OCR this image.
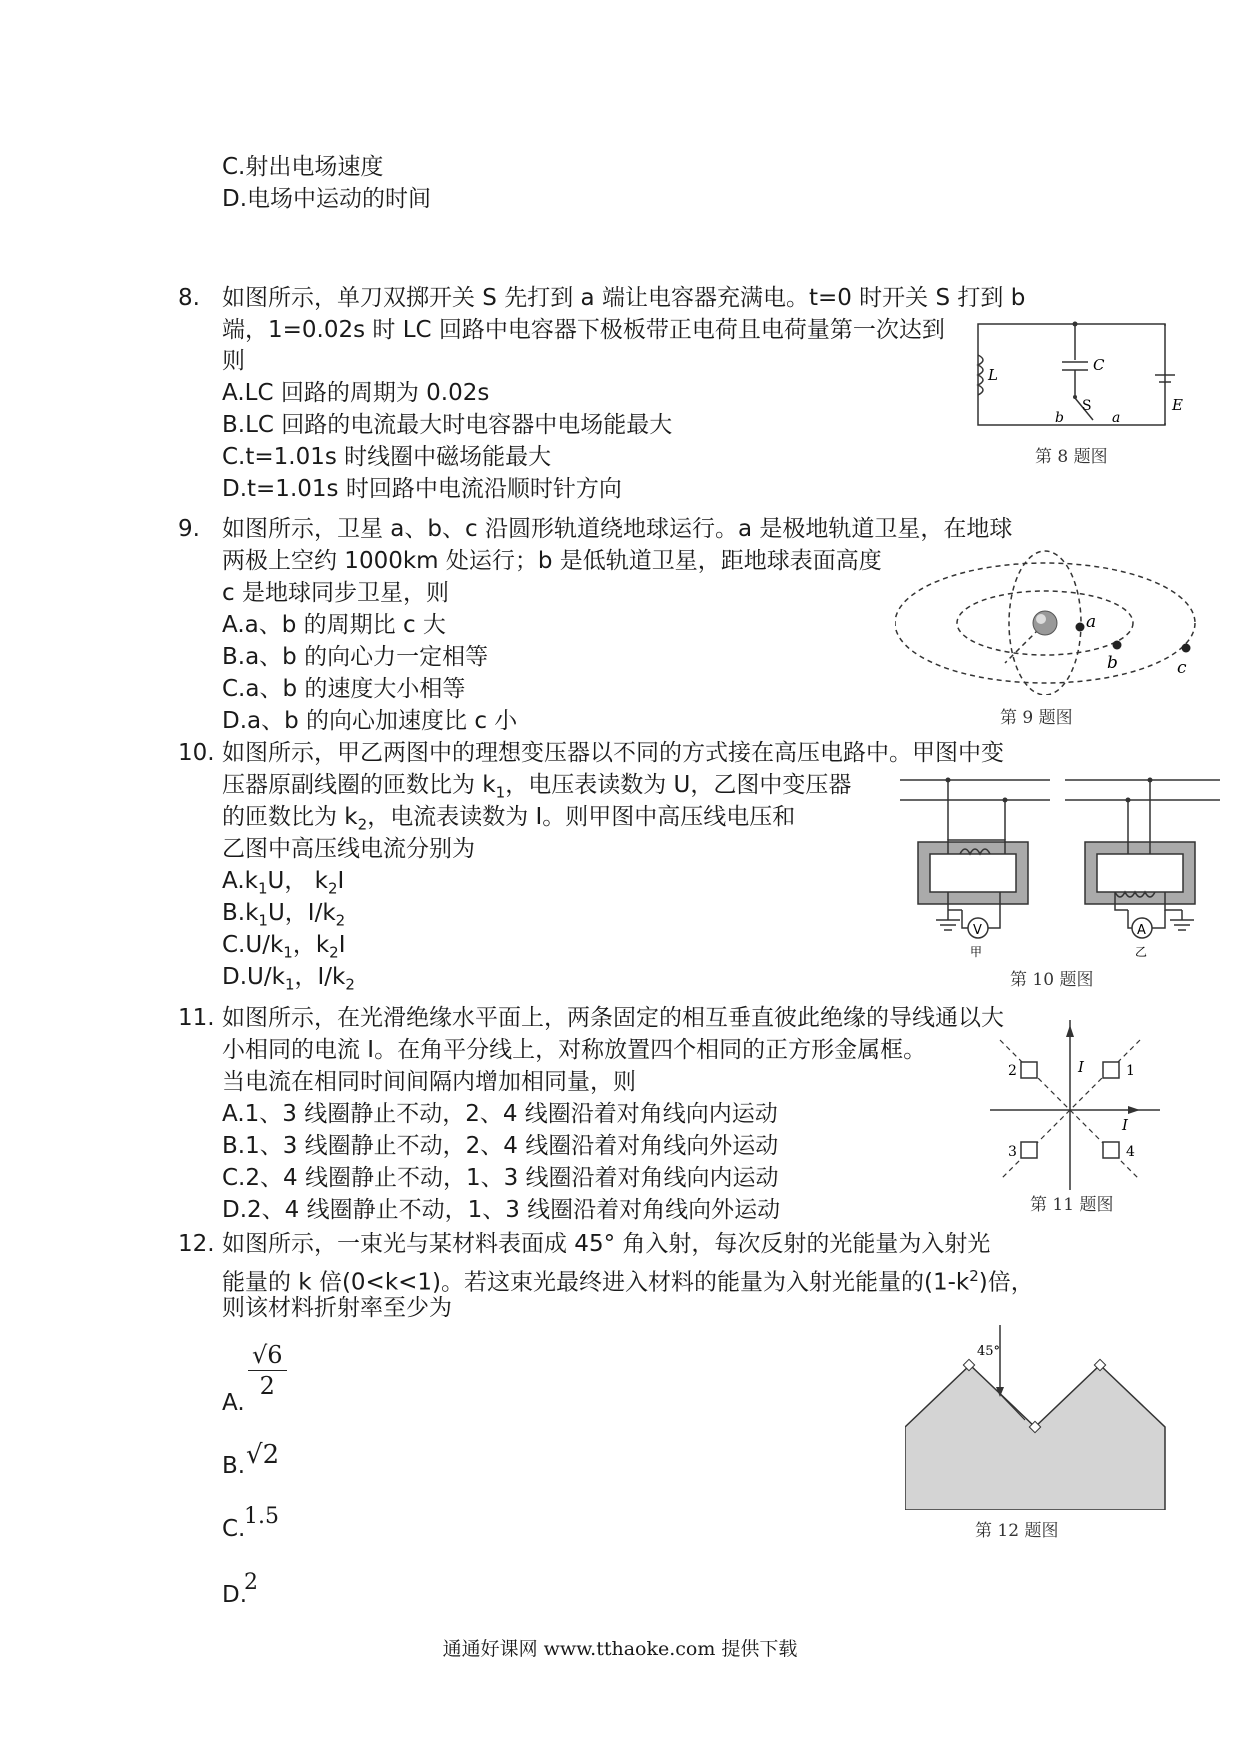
C.射出电场速度
D.电场中运动的时间
8. 如图所示，单刀双掷开关 S 先打到 a 端让电容器充满电。t=0 时开关 S 打到 b
端，1=0.02s 时 LC 回路中电容器下极板带正电荷且电荷量第一次达到
则
A.LC 回路的周期为 0.02s
B.LC 回路的电流最大时电容器中电场能最大
C.t=1.01s 时线圈中磁场能最大
D.t=1.01s 时回路中电流沿顺时针方向
L
C
S	E
a
b
第 8 题图
9. 如图所示，卫星 a、b、c 沿圆形轨道绕地球运行。a 是极地轨道卫星，在地球
两极上空约 1000km 处运行；b 是低轨道卫星，距地球表面高度
c 是地球同步卫星，则
A.a、b 的周期比 c 大
B.a、b 的向心力一定相等
C.a、b 的速度大小相等
D.a、b 的向心加速度比 c 小
a
b	c
第 9 题图
10. 如图所示，甲乙两图中的理想变压器以不同的方式接在高压电路中。甲图中变
压器原副线圈的匝数比为 $k_1$，电压表读数为 U，乙图中变压器
的匝数比为 $k_2$，电流表读数为 I。则甲图中高压线电压和
乙图中高压线电流分别为
$A.k_1U$， $k_2I$
$B.k_1U$，$I/k_2$
$C.U/k_1$，$k_2I$
$D.U/k_1$，$I/k_2$
V
甲
A
乙
第 10 题图
11. 如图所示，在光滑绝缘水平面上，两条固定的相互垂直彼此绝缘的导线通以大
小相同的电流 I。在角平分线上，对称放置四个相同的正方形金属框。
当电流在相同时间间隔内增加相同量，则
A.1、3 线圈静止不动，2、4 线圈沿着对角线向内运动
B.1、3 线圈静止不动，2、4 线圈沿着对角线向外运动
C.2、4 线圈静止不动，1、3 线圈沿着对角线向内运动
D.2、4 线圈静止不动，1、3 线圈沿着对角线向外运动
1
2
3	4
I
I
第 11 题图
12. 如图所示，一束光与某材料表面成 45° 角入射，每次反射的光能量为入射光
能量的 k 倍(0<k<1)。若这束光最终进入材料的能量为入射光能量的$(1-k^2)$倍，
则该材料折射率至少为
A.
$\frac{√6}{2}$
B. √2
C.
1.5
D.
2
45°
第 12 题图
通通好课网 www.tthaoke.com 提供下载
